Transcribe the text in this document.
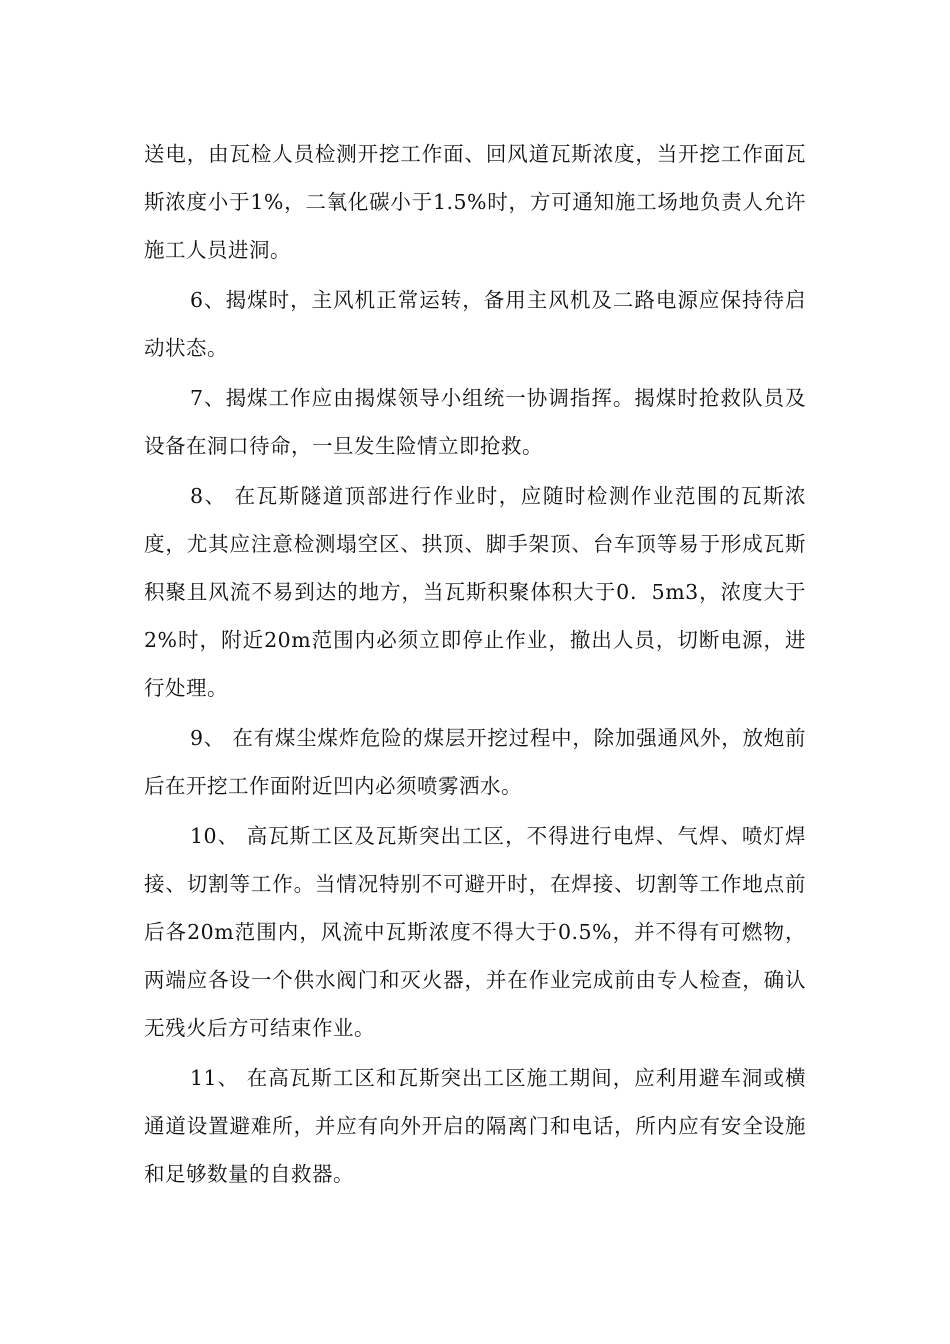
送电，由瓦检人员检测开挖工作面、回风道瓦斯浓度，当开挖工作面瓦斯浓度小于1%，二氧化碳小于1.5%时，方可通知施工场地负责人允许施工人员进洞。

6、揭煤时，主风机正常运转，备用主风机及二路电源应保持待启动状态。

7、揭煤工作应由揭煤领导小组统一协调指挥。揭煤时抢救队员及设备在洞口待命，一旦发生险情立即抢救。

8、 在瓦斯隧道顶部进行作业时，应随时检测作业范围的瓦斯浓度，尤其应注意检测塌空区、拱顶、脚手架顶、台车顶等易于形成瓦斯积聚且风流不易到达的地方，当瓦斯积聚体积大于0．5m3，浓度大于2%时，附近20m范围内必须立即停止作业，撤出人员，切断电源，进行处理。

9、 在有煤尘煤炸危险的煤层开挖过程中，除加强通风外，放炮前后在开挖工作面附近凹内必须喷雾洒水。

10、 高瓦斯工区及瓦斯突出工区，不得进行电焊、气焊、喷灯焊接、切割等工作。当情况特别不可避开时，在焊接、切割等工作地点前后各20m范围内，风流中瓦斯浓度不得大于0.5%，并不得有可燃物，两端应各设一个供水阀门和灭火器，并在作业完成前由专人检查，确认无残火后方可结束作业。

11、 在高瓦斯工区和瓦斯突出工区施工期间，应利用避车洞或横通道设置避难所，并应有向外开启的隔离门和电话，所内应有安全设施和足够数量的自救器。
